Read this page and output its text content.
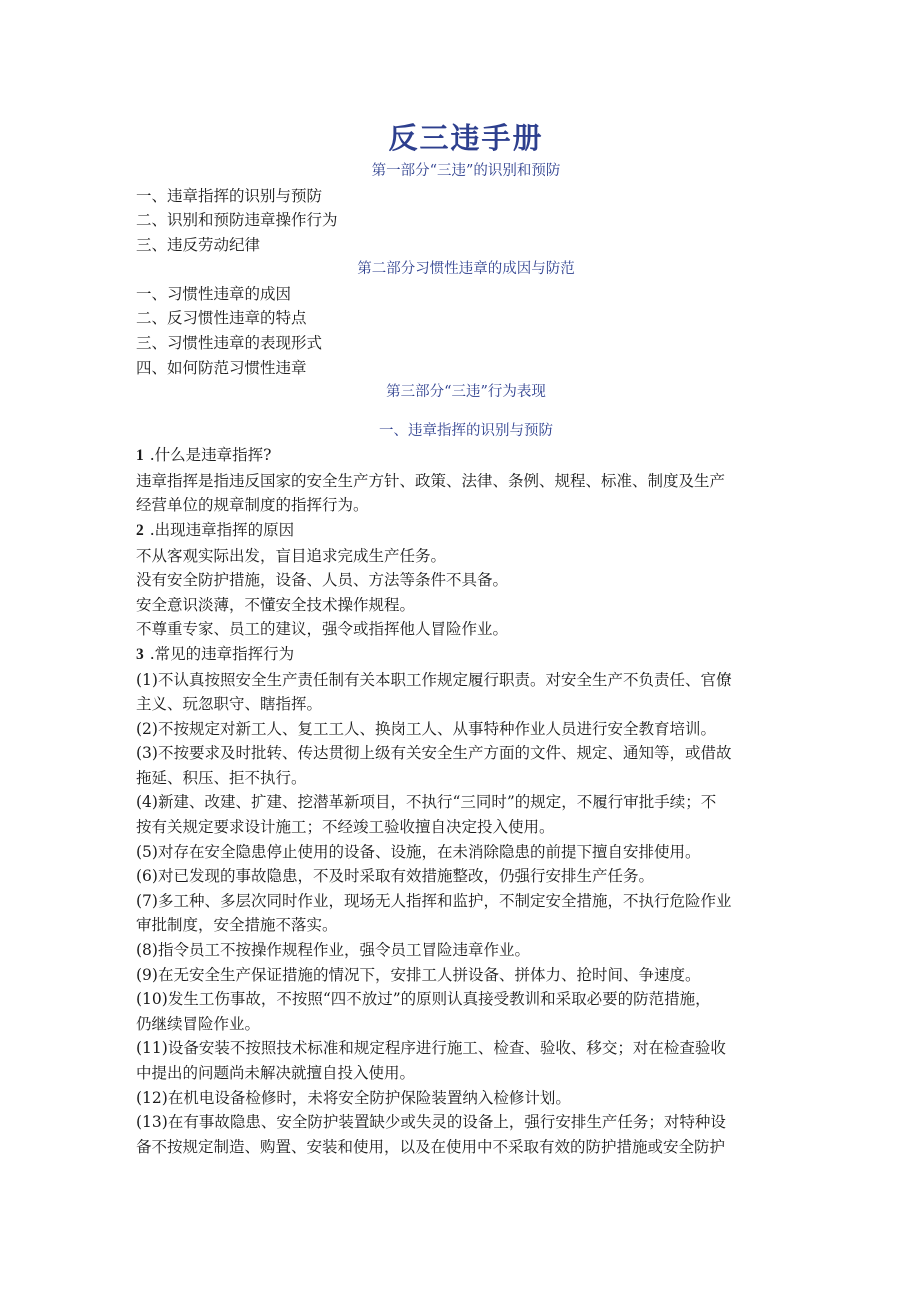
反三违手册
第一部分“三违”的识别和预防
一、违章指挥的识别与预防
二、识别和预防违章操作行为
三、违反劳动纪律
第二部分习惯性违章的成因与防范
一、习惯性违章的成因
二、反习惯性违章的特点
三、习惯性违章的表现形式
四、如何防范习惯性违章
第三部分“三违”行为表现
一、违章指挥的识别与预防
1 .什么是违章指挥?
违章指挥是指违反国家的安全生产方针、政策、法律、条例、规程、标准、制度及生产
经营单位的规章制度的指挥行为。
2 .出现违章指挥的原因
不从客观实际出发，盲目追求完成生产任务。
没有安全防护措施，设备、人员、方法等条件不具备。
安全意识淡薄，不懂安全技术操作规程。
不尊重专家、员工的建议，强令或指挥他人冒险作业。
3 .常见的违章指挥行为
(1)不认真按照安全生产责任制有关本职工作规定履行职责。对安全生产不负责任、官僚
主义、玩忽职守、瞎指挥。
(2)不按规定对新工人、复工工人、换岗工人、从事特种作业人员进行安全教育培训。
(3)不按要求及时批转、传达贯彻上级有关安全生产方面的文件、规定、通知等，或借故
拖延、积压、拒不执行。
(4)新建、改建、扩建、挖潜革新项目，不执行“三同时”的规定，不履行审批手续；不
按有关规定要求设计施工；不经竣工验收擅自决定投入使用。
(5)对存在安全隐患停止使用的设备、设施，在未消除隐患的前提下擅自安排使用。
(6)对已发现的事故隐患，不及时采取有效措施整改，仍强行安排生产任务。
(7)多工种、多层次同时作业，现场无人指挥和监护，不制定安全措施，不执行危险作业
审批制度，安全措施不落实。
(8)指令员工不按操作规程作业，强令员工冒险违章作业。
(9)在无安全生产保证措施的情况下，安排工人拼设备、拼体力、抢时间、争速度。
(10)发生工伤事故，不按照“四不放过”的原则认真接受教训和采取必要的防范措施，
仍继续冒险作业。
(11)设备安装不按照技术标准和规定程序进行施工、检查、验收、移交；对在检查验收
中提出的问题尚未解决就擅自投入使用。
(12)在机电设备检修时，未将安全防护保险装置纳入检修计划。
(13)在有事故隐患、安全防护装置缺少或失灵的设备上，强行安排生产任务；对特种设
备不按规定制造、购置、安装和使用，以及在使用中不采取有效的防护措施或安全防护
